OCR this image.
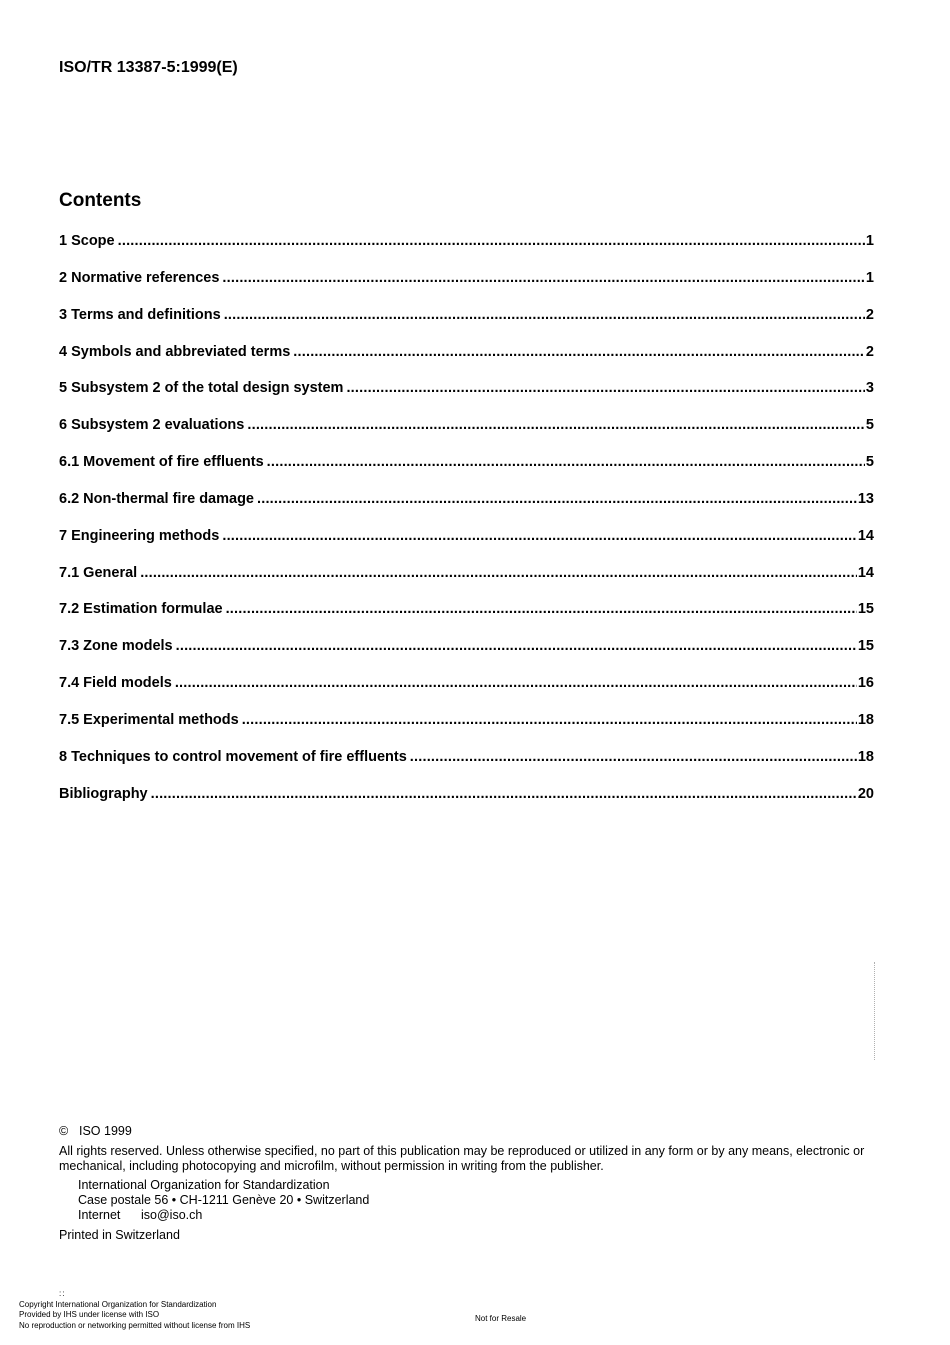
ISO/TR 13387-5:1999(E)
Contents
1 Scope .....	1
2 Normative references .....	1
3 Terms and definitions .....	2
4 Symbols and abbreviated terms .....	2
5 Subsystem 2 of the total design system .....	3
6 Subsystem 2 evaluations .....	5
6.1 Movement of fire effluents .....	5
6.2 Non-thermal fire damage .....	13
7 Engineering methods .....	14
7.1 General .....	14
7.2 Estimation formulae .....	15
7.3 Zone models .....	15
7.4 Field models .....	16
7.5 Experimental methods .....	18
8 Techniques to control movement of fire effluents .....	18
Bibliography .....	20

© ISO 1999

All rights reserved. Unless otherwise specified, no part of this publication may be reproduced or utilized in any form or by any means, electronic or mechanical, including photocopying and microfilm, without permission in writing from the publisher.

International Organization for Standardization
Case postale 56 • CH-1211 Genève 20 • Switzerland
Internet iso@iso.ch

Printed in Switzerland

::
Copyright International Organization for Standardization
Provided by IHS under license with ISO
No reproduction or networking permitted without license from IHS
Not for Resale
